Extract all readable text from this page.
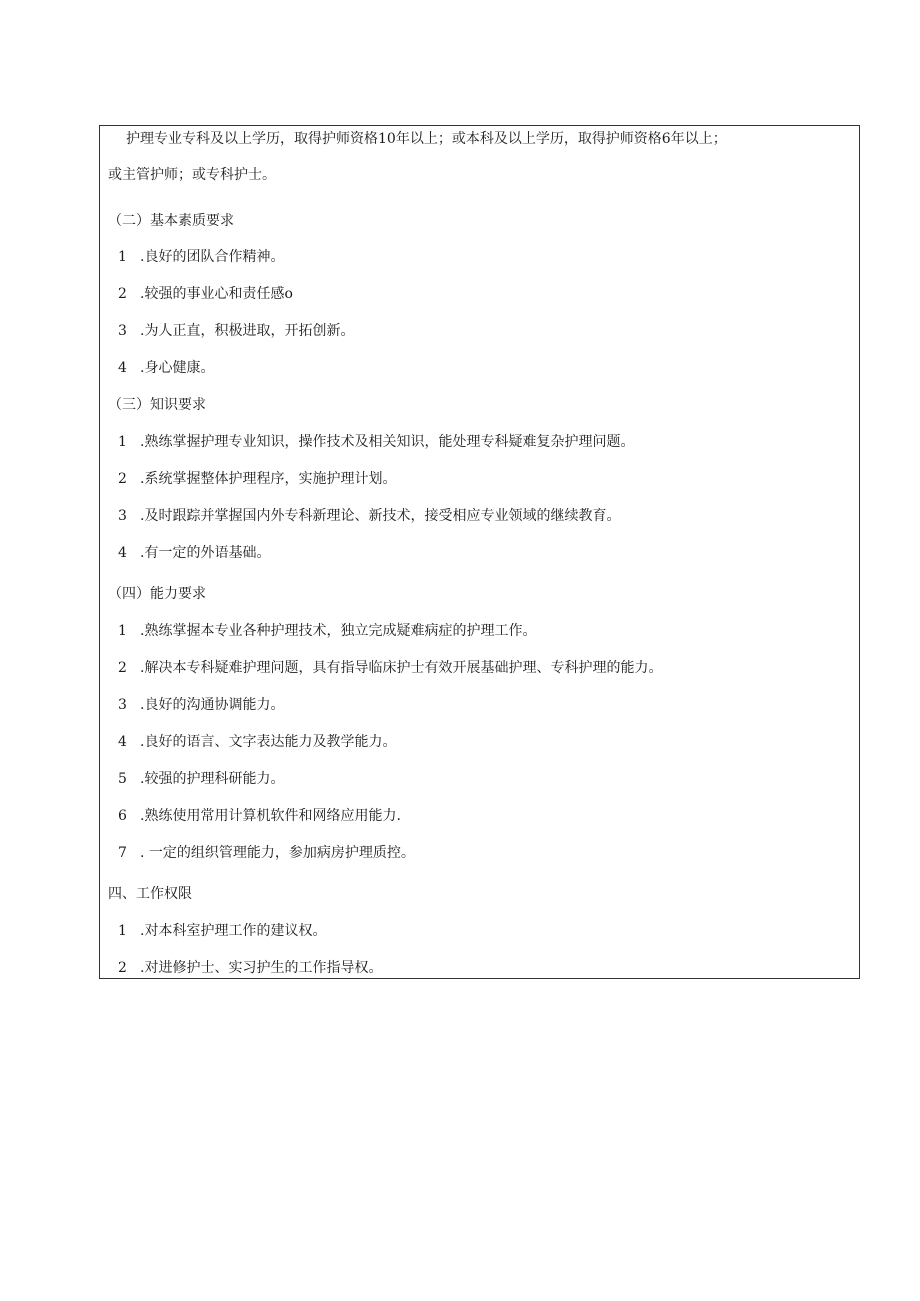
护理专业专科及以上学历，取得护师资格10年以上；或本科及以上学历，取得护师资格6年以上；
或主管护师；或专科护士。
（二）基本素质要求
1 .良好的团队合作精神。
2 .较强的事业心和责任感o
3 .为人正直，积极进取，开拓创新。
4 .身心健康。
（三）知识要求
1 .熟练掌握护理专业知识，操作技术及相关知识，能处理专科疑难复杂护理问题。
2 .系统掌握整体护理程序，实施护理计划。
3 .及时跟踪并掌握国内外专科新理论、新技术，接受相应专业领域的继续教育。
4 .有一定的外语基础。
（四）能力要求
1 .熟练掌握本专业各种护理技术，独立完成疑难病症的护理工作。
2 .解决本专科疑难护理问题，具有指导临床护士有效开展基础护理、专科护理的能力。
3 .良好的沟通协调能力。
4 .良好的语言、文字表达能力及教学能力。
5 .较强的护理科研能力。
6 .熟练使用常用计算机软件和网络应用能力.
7 . 一定的组织管理能力，参加病房护理质控。
四、工作权限
1 .对本科室护理工作的建议权。
2 .对进修护士、实习护生的工作指导权。
